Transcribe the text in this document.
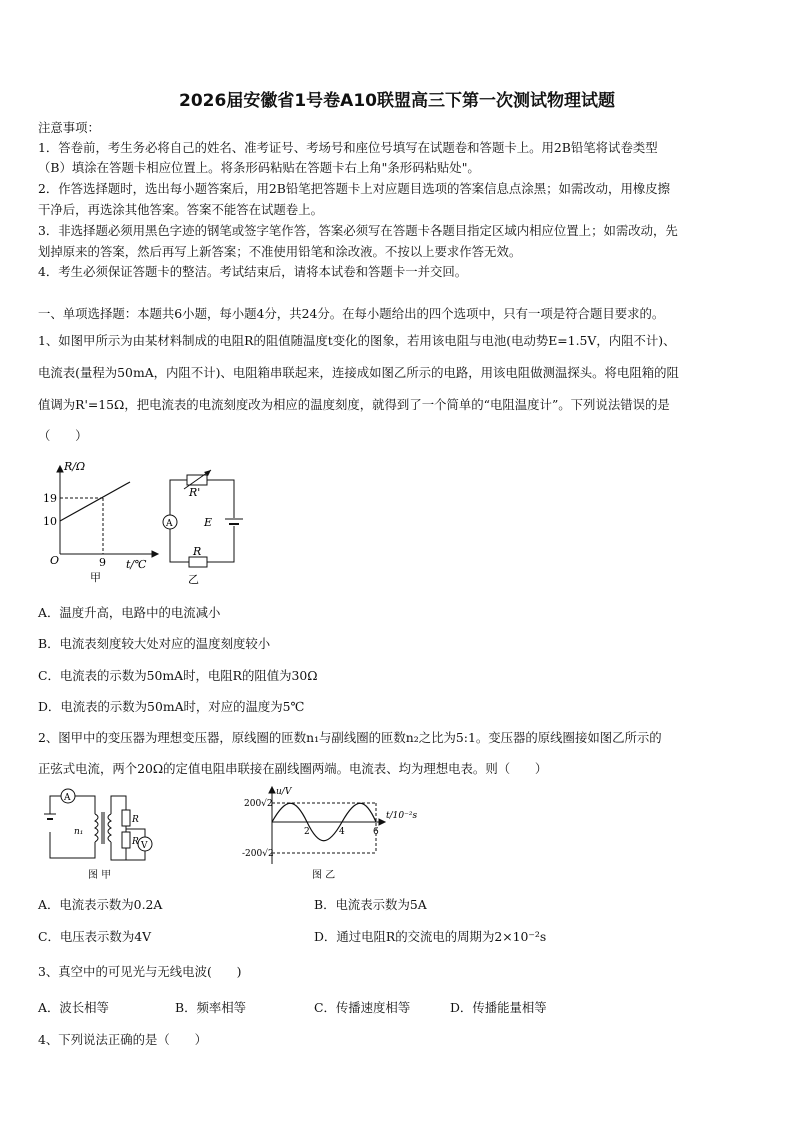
2026届安徽省1号卷A10联盟高三下第一次测试物理试题
注意事项：
1．答卷前，考生务必将自己的姓名、准考证号、考场号和座位号填写在试题卷和答题卡上。用2B铅笔将试卷类型
（B）填涂在答题卡相应位置上。将条形码粘贴在答题卡右上角"条形码粘贴处"。
2．作答选择题时，选出每小题答案后，用2B铅笔把答题卡上对应题目选项的答案信息点涂黑；如需改动，用橡皮擦
干净后，再选涂其他答案。答案不能答在试题卷上。
3．非选择题必须用黑色字迹的钢笔或签字笔作答，答案必须写在答题卡各题目指定区域内相应位置上；如需改动，先
划掉原来的答案，然后再写上新答案；不准使用铅笔和涂改液。不按以上要求作答无效。
4．考生必须保证答题卡的整洁。考试结束后，请将本试卷和答题卡一并交回。
一、单项选择题：本题共6小题，每小题4分，共24分。在每小题给出的四个选项中，只有一项是符合题目要求的。
1、如图甲所示为由某材料制成的电阻R的阻值随温度t变化的图象，若用该电阻与电池(电动势E=1.5V，内阻不计)、
电流表(量程为50mA，内阻不计)、电阻箱串联起来，连接成如图乙所示的电路，用该电阻做测温探头。将电阻箱的阻
值调为R'=15Ω，把电流表的电流刻度改为相应的温度刻度，就得到了一个简单的“电阻温度计”。下列说法错误的是
（　　）
R/Ω
19
10
O	9 t/℃
甲	乙
R'
A	E
R
A．温度升高，电路中的电流减小
B．电流表刻度较大处对应的温度刻度较小
C．电流表的示数为50mA时，电阻R的阻值为30Ω
D．电流表的示数为50mA时，对应的温度为5℃
2、图甲中的变压器为理想变压器，原线圈的匝数n₁与副线圈的匝数n₂之比为5:1。变压器的原线圈接如图乙所示的
正弦式电流，两个20Ω的定值电阻串联接在副线圈两端。电流表、均为理想电表。则（　　）
A
V
n₁
R
R
u/V
200√2
-200√2
2	4	6
t/10⁻²s
图 甲	图 乙
A．电流表示数为0.2A	B．电流表示数为5A
C．电压表示数为4V	D．通过电阻R的交流电的周期为2×10⁻²s
3、真空中的可见光与无线电波(　　)
A．波长相等	B．频率相等	C．传播速度相等	D．传播能量相等
4、下列说法正确的是（　　）
